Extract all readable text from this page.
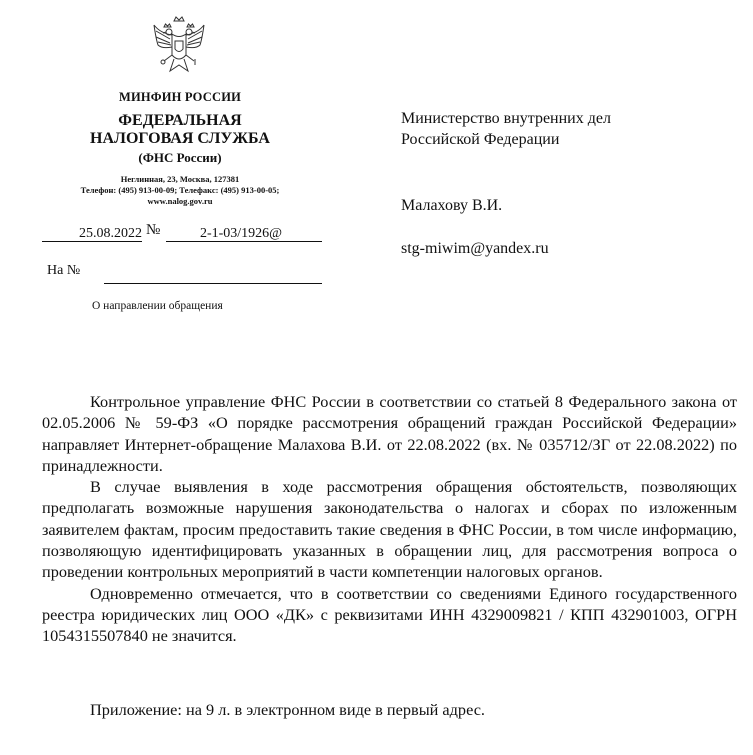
МИНФИН РОССИИ
ФЕДЕРАЛЬНАЯ
НАЛОГОВАЯ СЛУЖБА
(ФНС России)
Неглинная, 23, Москва, 127381
Телефон: (495) 913-00-09; Телефакс: (495) 913-00-05;
www.nalog.gov.ru
25.08.2022 №	2-1-03/1926@
На №
О направлении обращения
Министерство внутренних дел
Российской Федерации
Малахову В.И.
stg-miwim@yandex.ru

Контрольное управление ФНС России в соответствии со статьей 8 Федерального закона от 02.05.2006 № 59-ФЗ «О порядке рассмотрения обращений граждан Российской Федерации» направляет Интернет-обращение Малахова В.И. от 22.08.2022 (вх. № 035712/ЗГ от 22.08.2022) по принадлежности.

В случае выявления в ходе рассмотрения обращения обстоятельств, позволяющих предполагать возможные нарушения законодательства о налогах и сборах по изложенным заявителем фактам, просим предоставить такие сведения в ФНС России, в том числе информацию, позволяющую идентифицировать указанных в обращении лиц, для рассмотрения вопроса о проведении контрольных мероприятий в части компетенции налоговых органов.

Одновременно отмечается, что в соответствии со сведениями Единого государственного реестра юридических лиц ООО «ДК» с реквизитами ИНН 4329009821 / КПП 432901003, ОГРН 1054315507840 не значится.

Приложение: на 9 л. в электронном виде в первый адрес.
